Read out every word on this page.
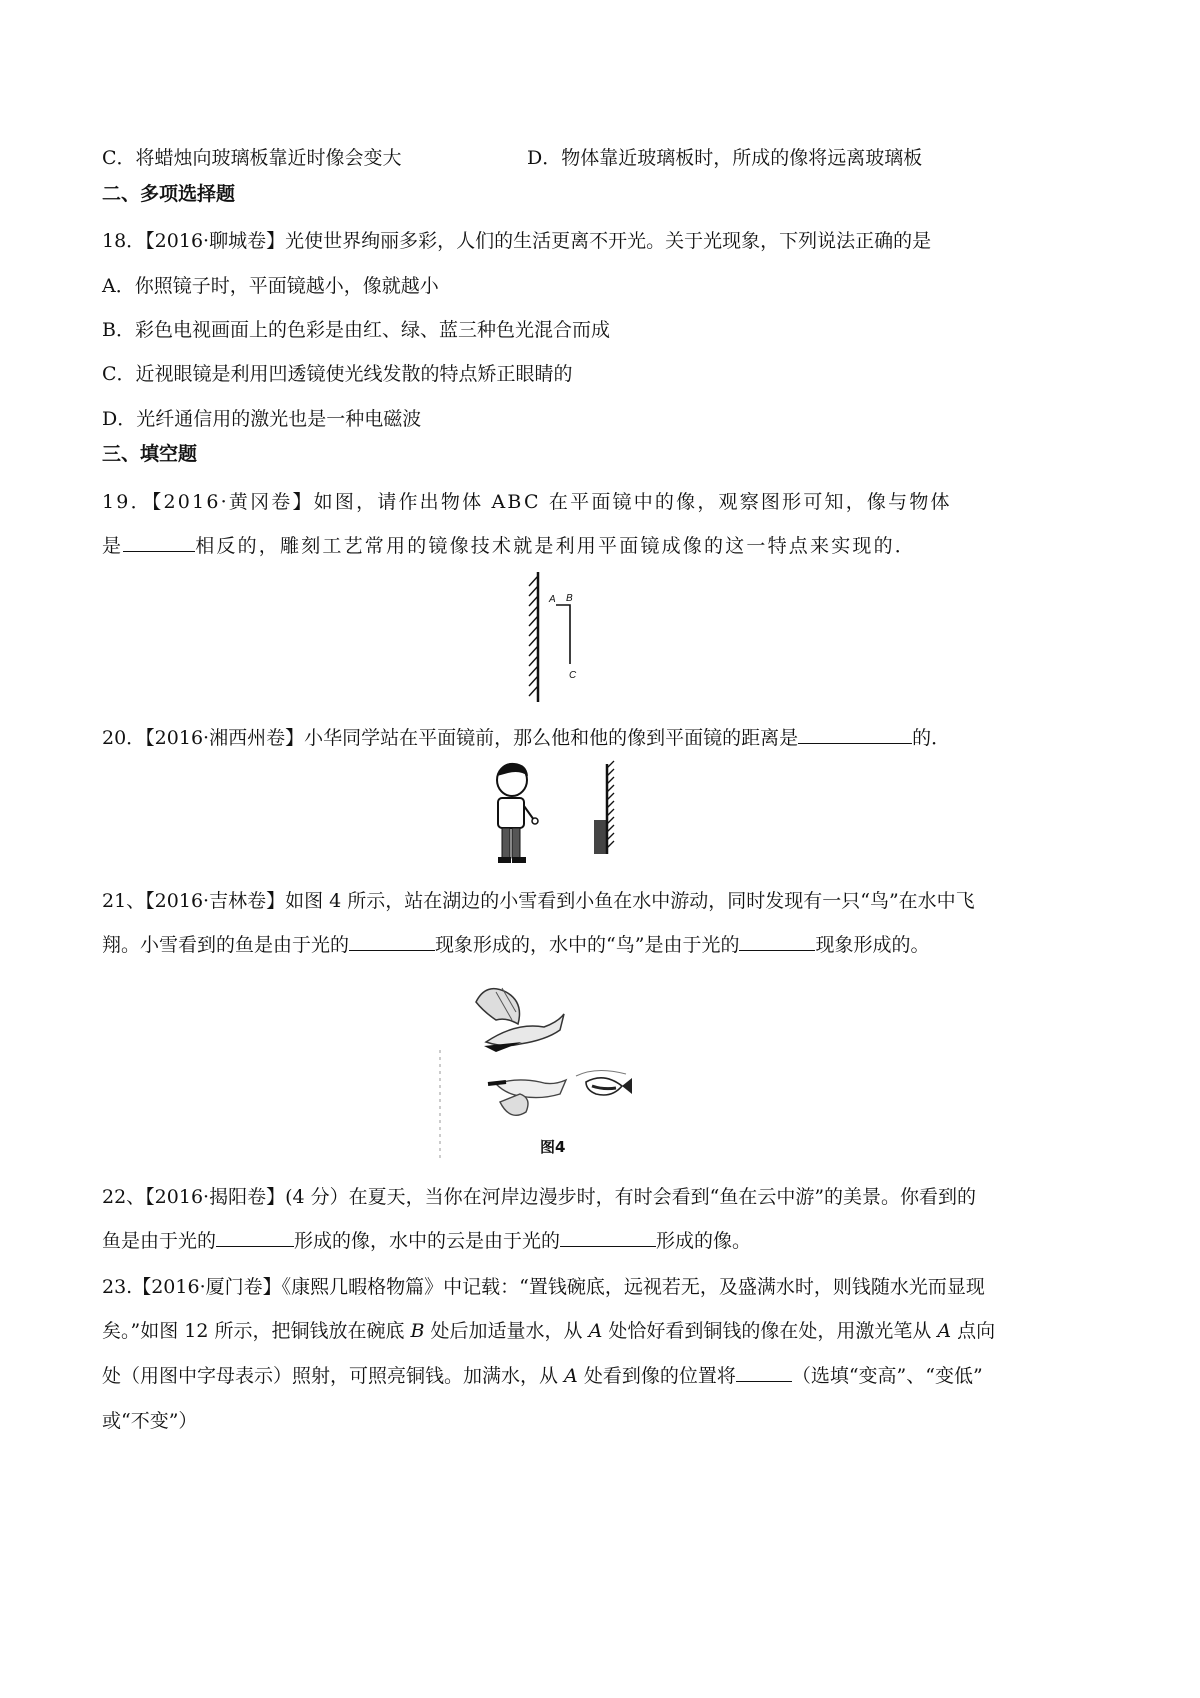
C．将蜡烛向玻璃板靠近时像会变大	D．物体靠近玻璃板时，所成的像将远离玻璃板
二、多项选择题
18．【2016·聊城卷】光使世界绚丽多彩，人们的生活更离不开光。关于光现象，下列说法正确的是
A．你照镜子时，平面镜越小，像就越小
B．彩色电视画面上的色彩是由红、绿、蓝三种色光混合而成
C．近视眼镜是利用凹透镜使光线发散的特点矫正眼睛的
D．光纤通信用的激光也是一种电磁波
三、填空题
19．【2016·黄冈卷】如图，请作出物体 ABC 在平面镜中的像，观察图形可知，像与物体
是	相反的，雕刻工艺常用的镜像技术就是利用平面镜成像的这一特点来实现的．
A B
C
20．【2016·湘西州卷】小华同学站在平面镜前，那么他和他的像到平面镜的距离是	的．
21、【2016·吉林卷】如图 4 所示，站在湖边的小雪看到小鱼在水中游动，同时发现有一只“鸟”在水中飞
翔。小雪看到的鱼是由于光的	现象形成的，水中的“鸟”是由于光的	现象形成的。
图4
22、【2016·揭阳卷】(4 分）在夏天，当你在河岸边漫步时，有时会看到“鱼在云中游”的美景。你看到的
鱼是由于光的	形成的像，水中的云是由于光的	形成的像。
23.【2016·厦门卷】《康熙几暇格物篇》中记载：“置钱碗底，远视若无，及盛满水时，则钱随水光而显现
矣。”如图 12 所示，把铜钱放在碗底 B 处后加适量水，从 A 处恰好看到铜钱的像在处，用激光笔从 A 点向
处（用图中字母表示）照射，可照亮铜钱。加满水，从 A 处看到像的位置将	（选填“变高”、“变低”
或“不变”）
